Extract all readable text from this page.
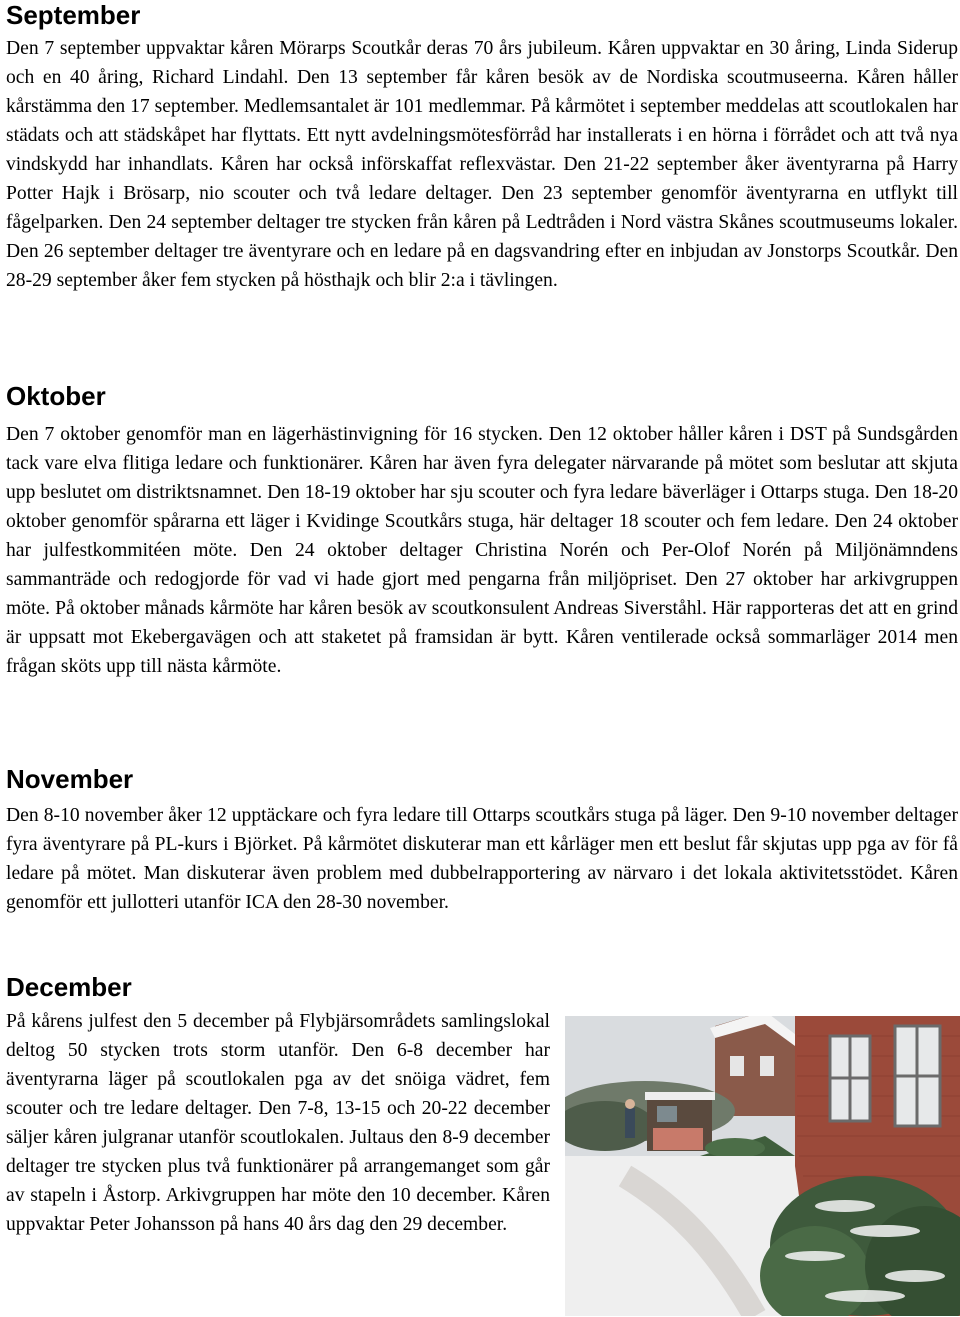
September

Den 7 september uppvaktar kåren Mörarps Scoutkår deras 70 års jubileum. Kåren uppvaktar en 30 åring, Linda Siderup och en 40 åring, Richard Lindahl. Den 13 september får kåren besök av de Nordiska scoutmuseerna. Kåren håller kårstämma den 17 september. Medlemsantalet är 101 medlemmar. På kårmötet i september meddelas att scoutlokalen har städats och att städskåpet har flyttats. Ett nytt avdelningsmötesförråd har installerats i en hörna i förrådet och att två nya vindskydd har inhandlats. Kåren har också införskaffat reflexvästar. Den 21-22 september åker äventyrarna på Harry Potter Hajk i Brösarp, nio scouter och två ledare deltager. Den 23 september genomför äventyrarna en utflykt till fågelparken. Den 24 september deltager tre stycken från kåren på Ledtråden i Nord västra Skånes scoutmuseums lokaler. Den 26 september deltager tre äventyrare och en ledare på en dagsvandring efter en inbjudan av Jonstorps Scoutkår. Den 28-29 september åker fem stycken på hösthajk och blir 2:a i tävlingen.

Oktober

Den 7 oktober genomför man en lägerhästinvigning för 16 stycken. Den 12 oktober håller kåren i DST på Sundsgården tack vare elva flitiga ledare och funktionärer. Kåren har även fyra delegater närvarande på mötet som beslutar att skjuta upp beslutet om distriktsnamnet. Den 18-19 oktober har sju scouter och fyra ledare bäverläger i Ottarps stuga. Den 18-20 oktober genomför spårarna ett läger i Kvidinge Scoutkårs stuga, här deltager 18 scouter och fem ledare. Den 24 oktober har julfestkommitéen möte. Den 24 oktober deltager Christina Norén och Per-Olof Norén på Miljönämndens sammanträde och redogjorde för vad vi hade gjort med pengarna från miljöpriset. Den 27 oktober har arkivgruppen möte. På oktober månads kårmöte har kåren besök av scoutkonsulent Andreas Siverståhl. Här rapporteras det att en grind är uppsatt mot Ekebergavägen och att staketet på framsidan är bytt. Kåren ventilerade också sommarläger 2014 men frågan sköts upp till nästa kårmöte.

November

Den 8-10 november åker 12 upptäckare och fyra ledare till Ottarps scoutkårs stuga på läger. Den 9-10 november deltager fyra äventyrare på PL-kurs i Björket. På kårmötet diskuterar man ett kårläger men ett beslut får skjutas upp pga av för få ledare på mötet. Man diskuterar även problem med dubbelrapportering av närvaro i det lokala aktivitetsstödet. Kåren genomför ett jullotteri utanför ICA den 28-30 november.

December

På kårens julfest den 5 december på Flybjärsområdets samlingslokal deltog 50 stycken trots storm utanför. Den 6-8 december har äventyrarna läger på scoutlokalen pga av det snöiga vädret, fem scouter och tre ledare deltager. Den 7-8, 13-15 och 20-22 december säljer kåren julgranar utanför scoutlokalen. Jultaus den 8-9 december deltager tre stycken plus två funktionärer på arrangemanget som går av stapeln i Åstorp. Arkivgruppen har möte den 10 december. Kåren uppvaktar Peter Johansson på hans 40 års dag den 29 december.
